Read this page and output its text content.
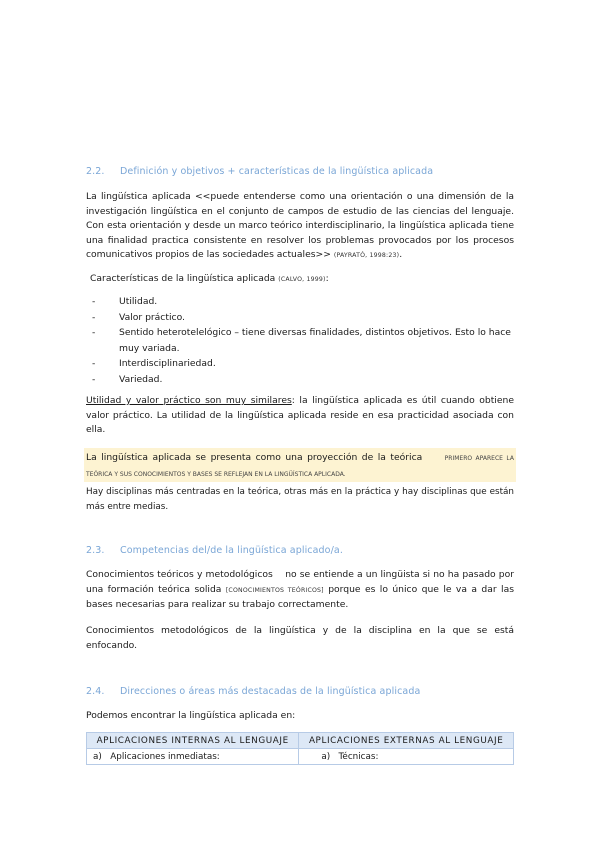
2.2. Definición y objetivos + características de la lingüística aplicada
La lingüística aplicada <<puede entenderse como una orientación o una dimensión de la investigación lingüística en el conjunto de campos de estudio de las ciencias del lenguaje. Con esta orientación y desde un marco teórico interdisciplinario, la lingüística aplicada tiene una finalidad practica consistente en resolver los problemas provocados por los procesos comunicativos propios de las sociedades actuales>> (PAYRATÓ, 1998:23).
Características de la lingüística aplicada (CALVO, 1999):
-	Utilidad.
-	Valor práctico.
-	Sentido heterotelelógico – tiene diversas finalidades, distintos objetivos. Esto lo hace muy variada.
-	Interdisciplinariedad.
-	Variedad.
Utilidad y valor práctico son muy similares: la lingüística aplicada es útil cuando obtiene valor práctico. La utilidad de la lingüística aplicada reside en esa practicidad asociada con ella.
La lingüística aplicada se presenta como una proyección de la teórica	PRIMERO APARECE LA TEÓRICA Y SUS CONOCIMIENTOS Y BASES SE REFLEJAN EN LA LINGÜÍSTICA APLICADA.
Hay disciplinas más centradas en la teórica, otras más en la práctica y hay disciplinas que están más entre medias.
2.3. Competencias del/de la lingüística aplicado/a.
Conocimientos teóricos y metodológicos    no se entiende a un lingüista si no ha pasado por una formación teórica solida [CONOCIMIENTOS TEÓRICOS] porque es lo único que le va a dar las bases necesarias para realizar su trabajo correctamente.
Conocimientos metodológicos de la lingüística y de la disciplina en la que se está enfocando.
2.4. Direcciones o áreas más destacadas de la lingüística aplicada
Podemos encontrar la lingüística aplicada en:
APLICACIONES INTERNAS AL LENGUAJE	APLICACIONES EXTERNAS AL LENGUAJE
a)   Aplicaciones inmediatas:	a)   Técnicas:
